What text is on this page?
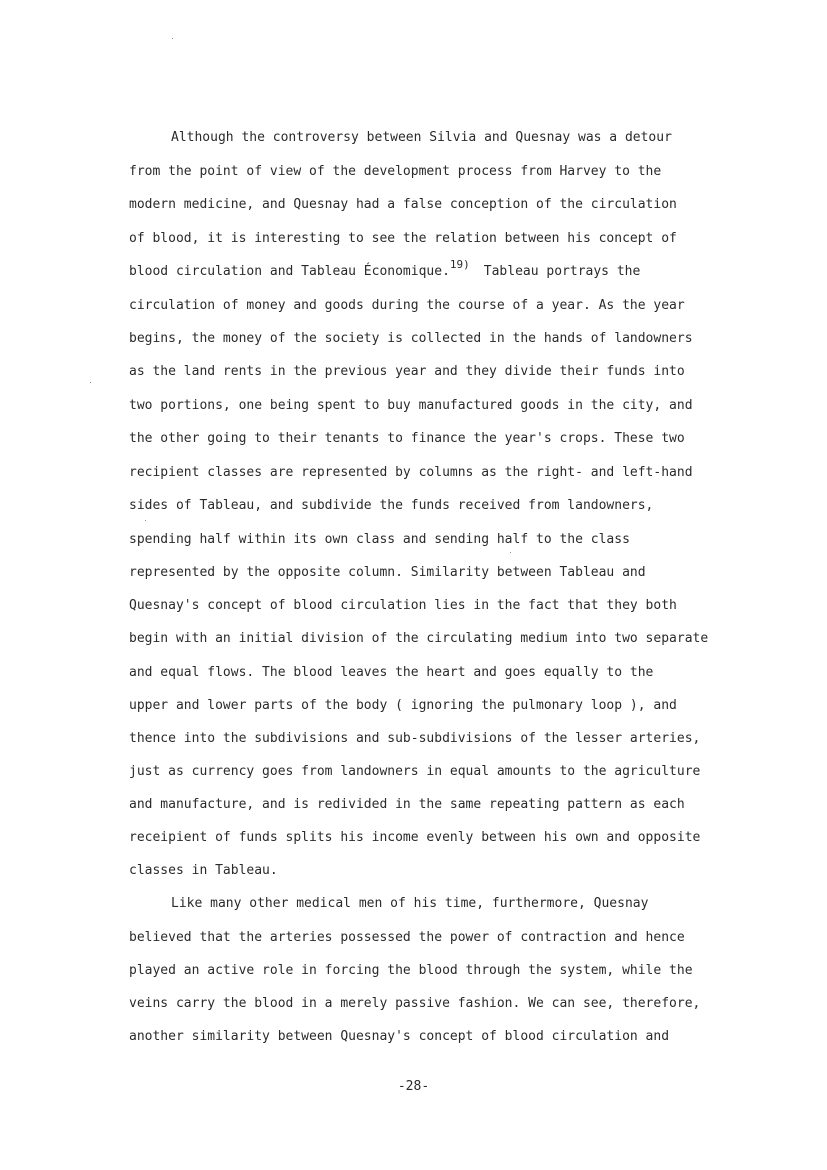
Although the controversy between Silvia and Quesnay was a detour
from the point of view of the development process from Harvey to the
modern medicine, and Quesnay had a false conception of the circulation
of blood, it is interesting to see the relation between his concept of
blood circulation and Tableau Économique.$^{19)}$ Tableau portrays the
circulation of money and goods during the course of a year. As the year
begins, the money of the society is collected in the hands of landowners
as the land rents in the previous year and they divide their funds into
two portions, one being spent to buy manufactured goods in the city, and
the other going to their tenants to finance the year's crops. These two
recipient classes are represented by columns as the right- and left-hand
sides of Tableau, and subdivide the funds received from landowners,
spending half within its own class and sending half to the class
represented by the opposite column. Similarity between Tableau and
Quesnay's concept of blood circulation lies in the fact that they both
begin with an initial division of the circulating medium into two separate
and equal flows. The blood leaves the heart and goes equally to the
upper and lower parts of the body ( ignoring the pulmonary loop ), and
thence into the subdivisions and sub-subdivisions of the lesser arteries,
just as currency goes from landowners in equal amounts to the agriculture
and manufacture, and is redivided in the same repeating pattern as each
receipient of funds splits his income evenly between his own and opposite
classes in Tableau.
Like many other medical men of his time, furthermore, Quesnay
believed that the arteries possessed the power of contraction and hence
played an active role in forcing the blood through the system, while the
veins carry the blood in a merely passive fashion. We can see, therefore,
another similarity between Quesnay's concept of blood circulation and
-28-
